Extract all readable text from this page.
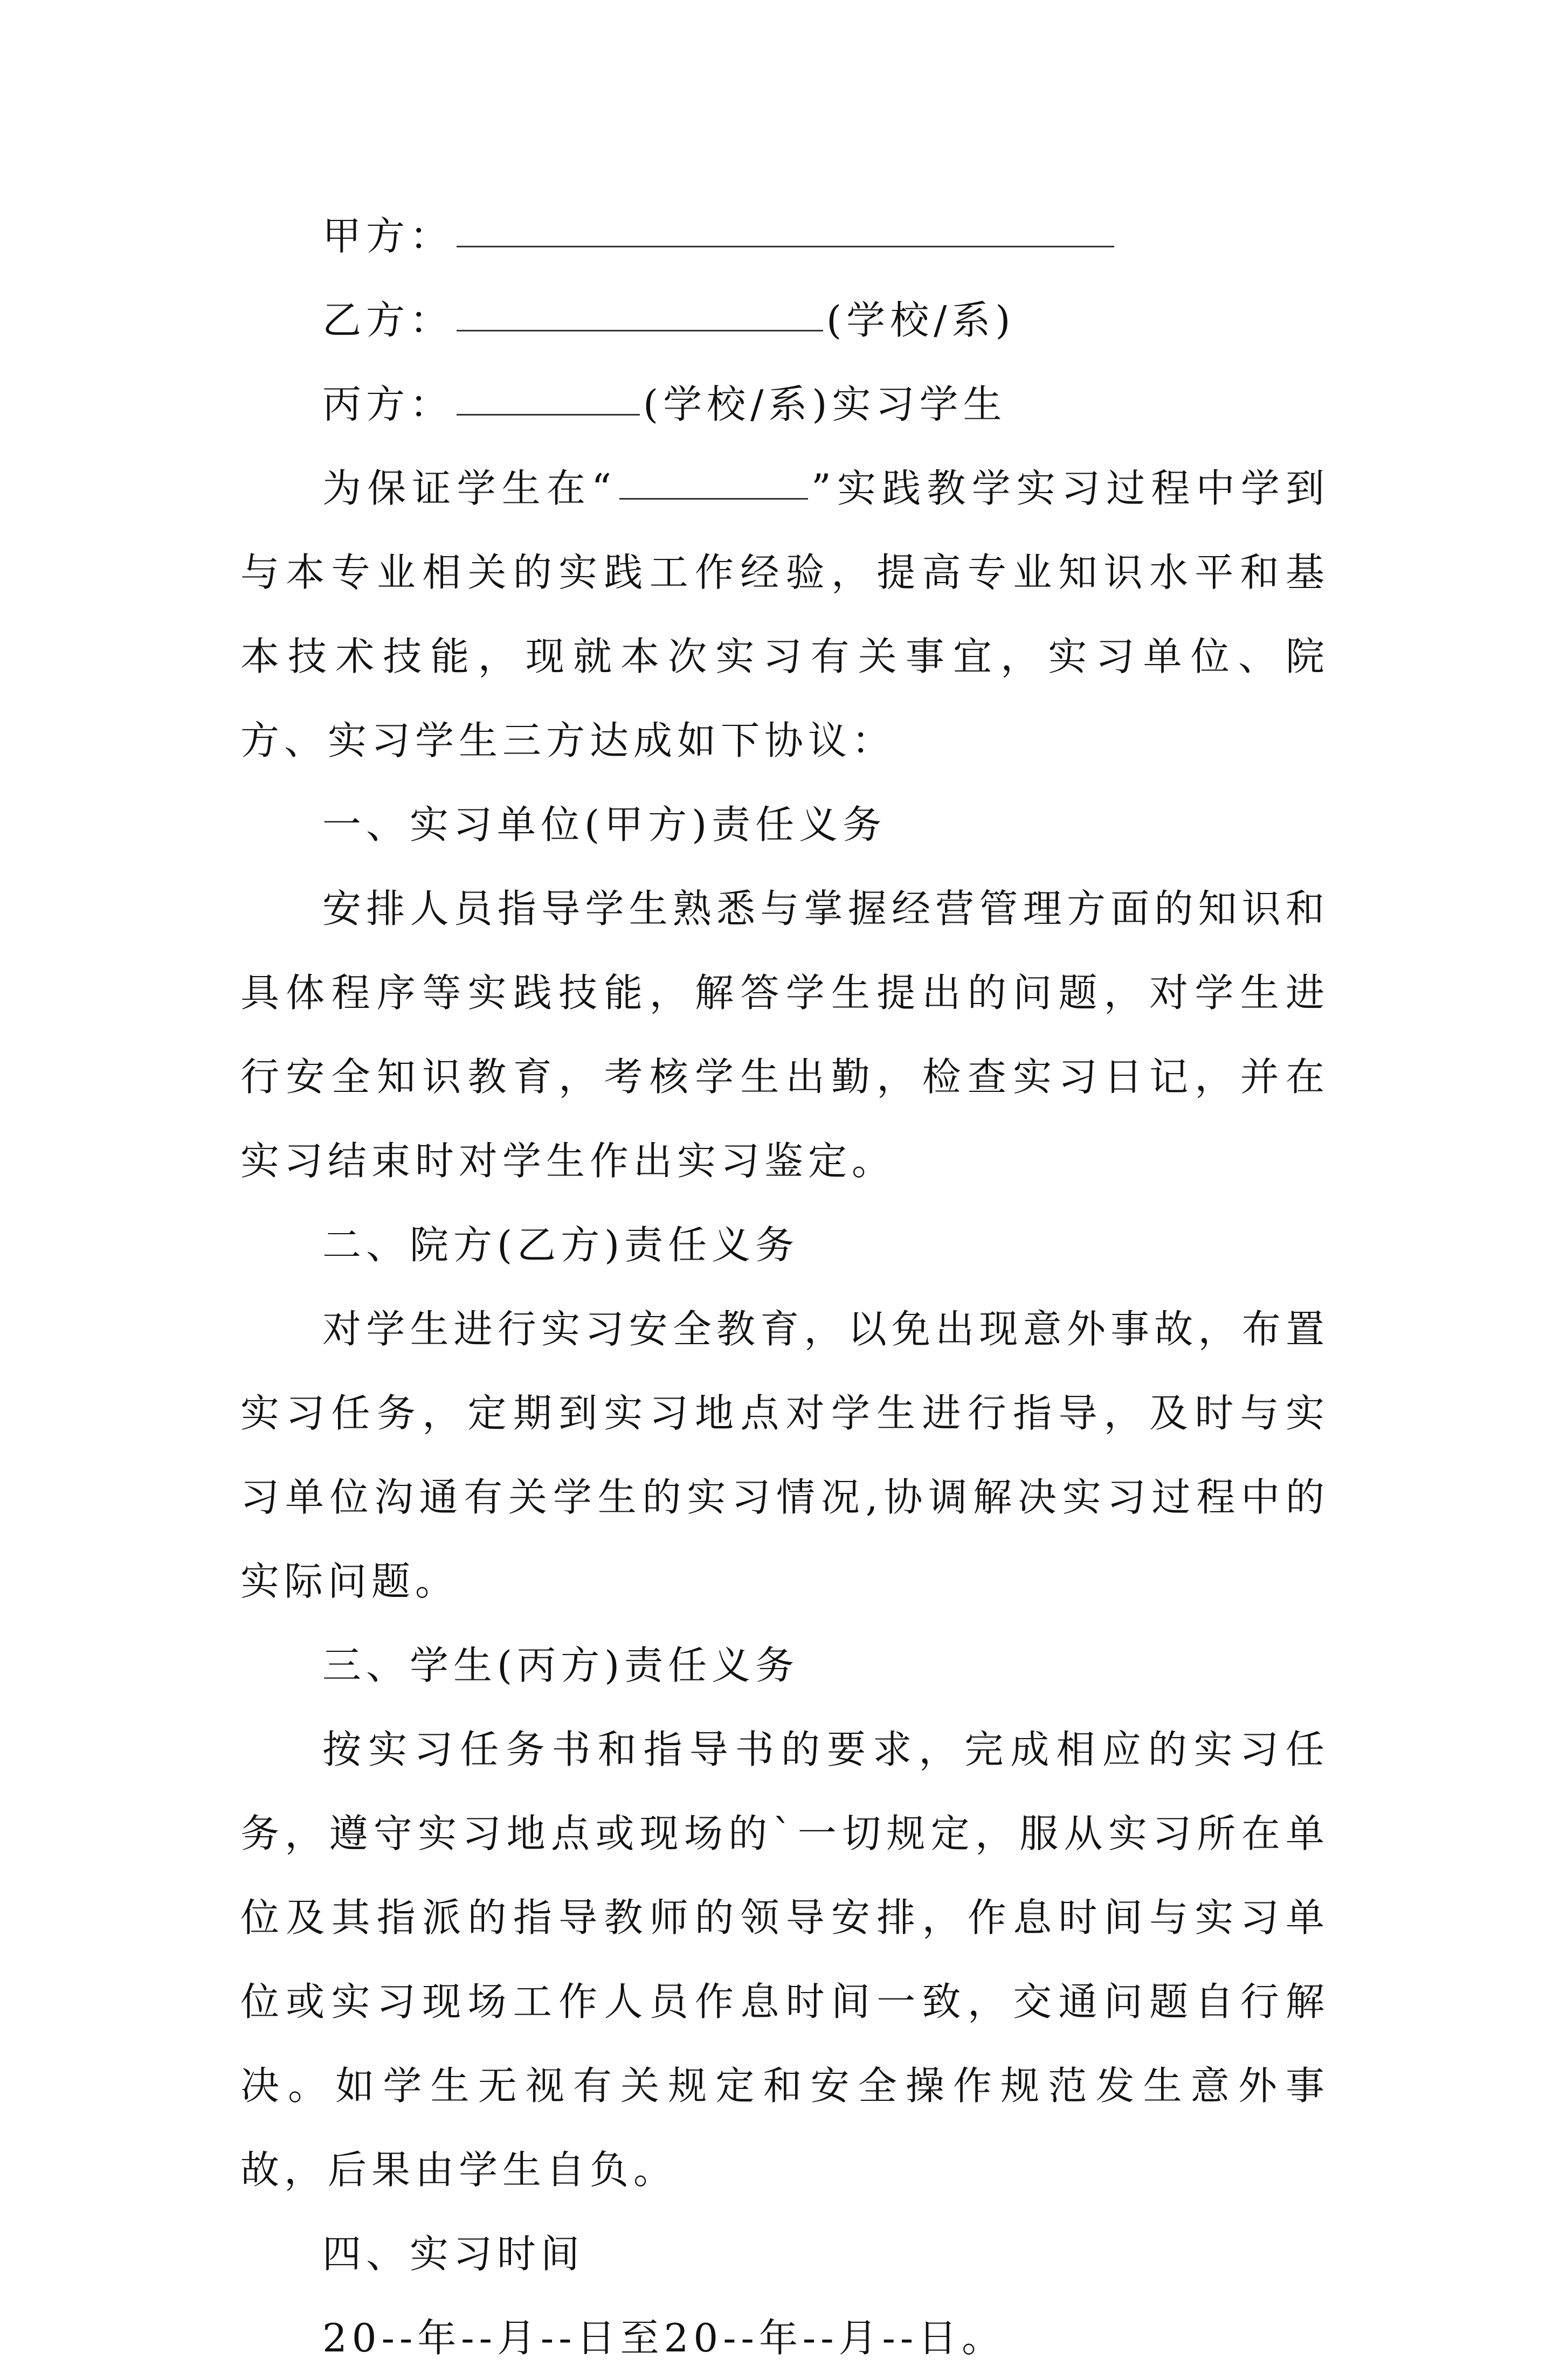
甲方：
乙方：	(学校/系)
丙方：	(学校/系)实习学生

为保证学生在“	”实践教学实习过程中学到与本专业相关的实践工作经验，提高专业知识水平和基本技术技能，现就本次实习有关事宜，实习单位、院方、实习学生三方达成如下协议：

一、实习单位(甲方)责任义务

安排人员指导学生熟悉与掌握经营管理方面的知识和具体程序等实践技能，解答学生提出的问题，对学生进行安全知识教育，考核学生出勤，检查实习日记，并在实习结束时对学生作出实习鉴定。

二、院方(乙方)责任义务

对学生进行实习安全教育，以免出现意外事故，布置实习任务，定期到实习地点对学生进行指导，及时与实习单位沟通有关学生的实习情况,协调解决实习过程中的实际问题。

三、学生(丙方)责任义务

按实习任务书和指导书的要求，完成相应的实习任务，遵守实习地点或现场的`一切规定，服从实习所在单位及其指派的指导教师的领导安排，作息时间与实习单位或实习现场工作人员作息时间一致，交通问题自行解决。如学生无视有关规定和安全操作规范发生意外事故，后果由学生自负。

四、实习时间

20--年--月--日至20--年--月--日。
